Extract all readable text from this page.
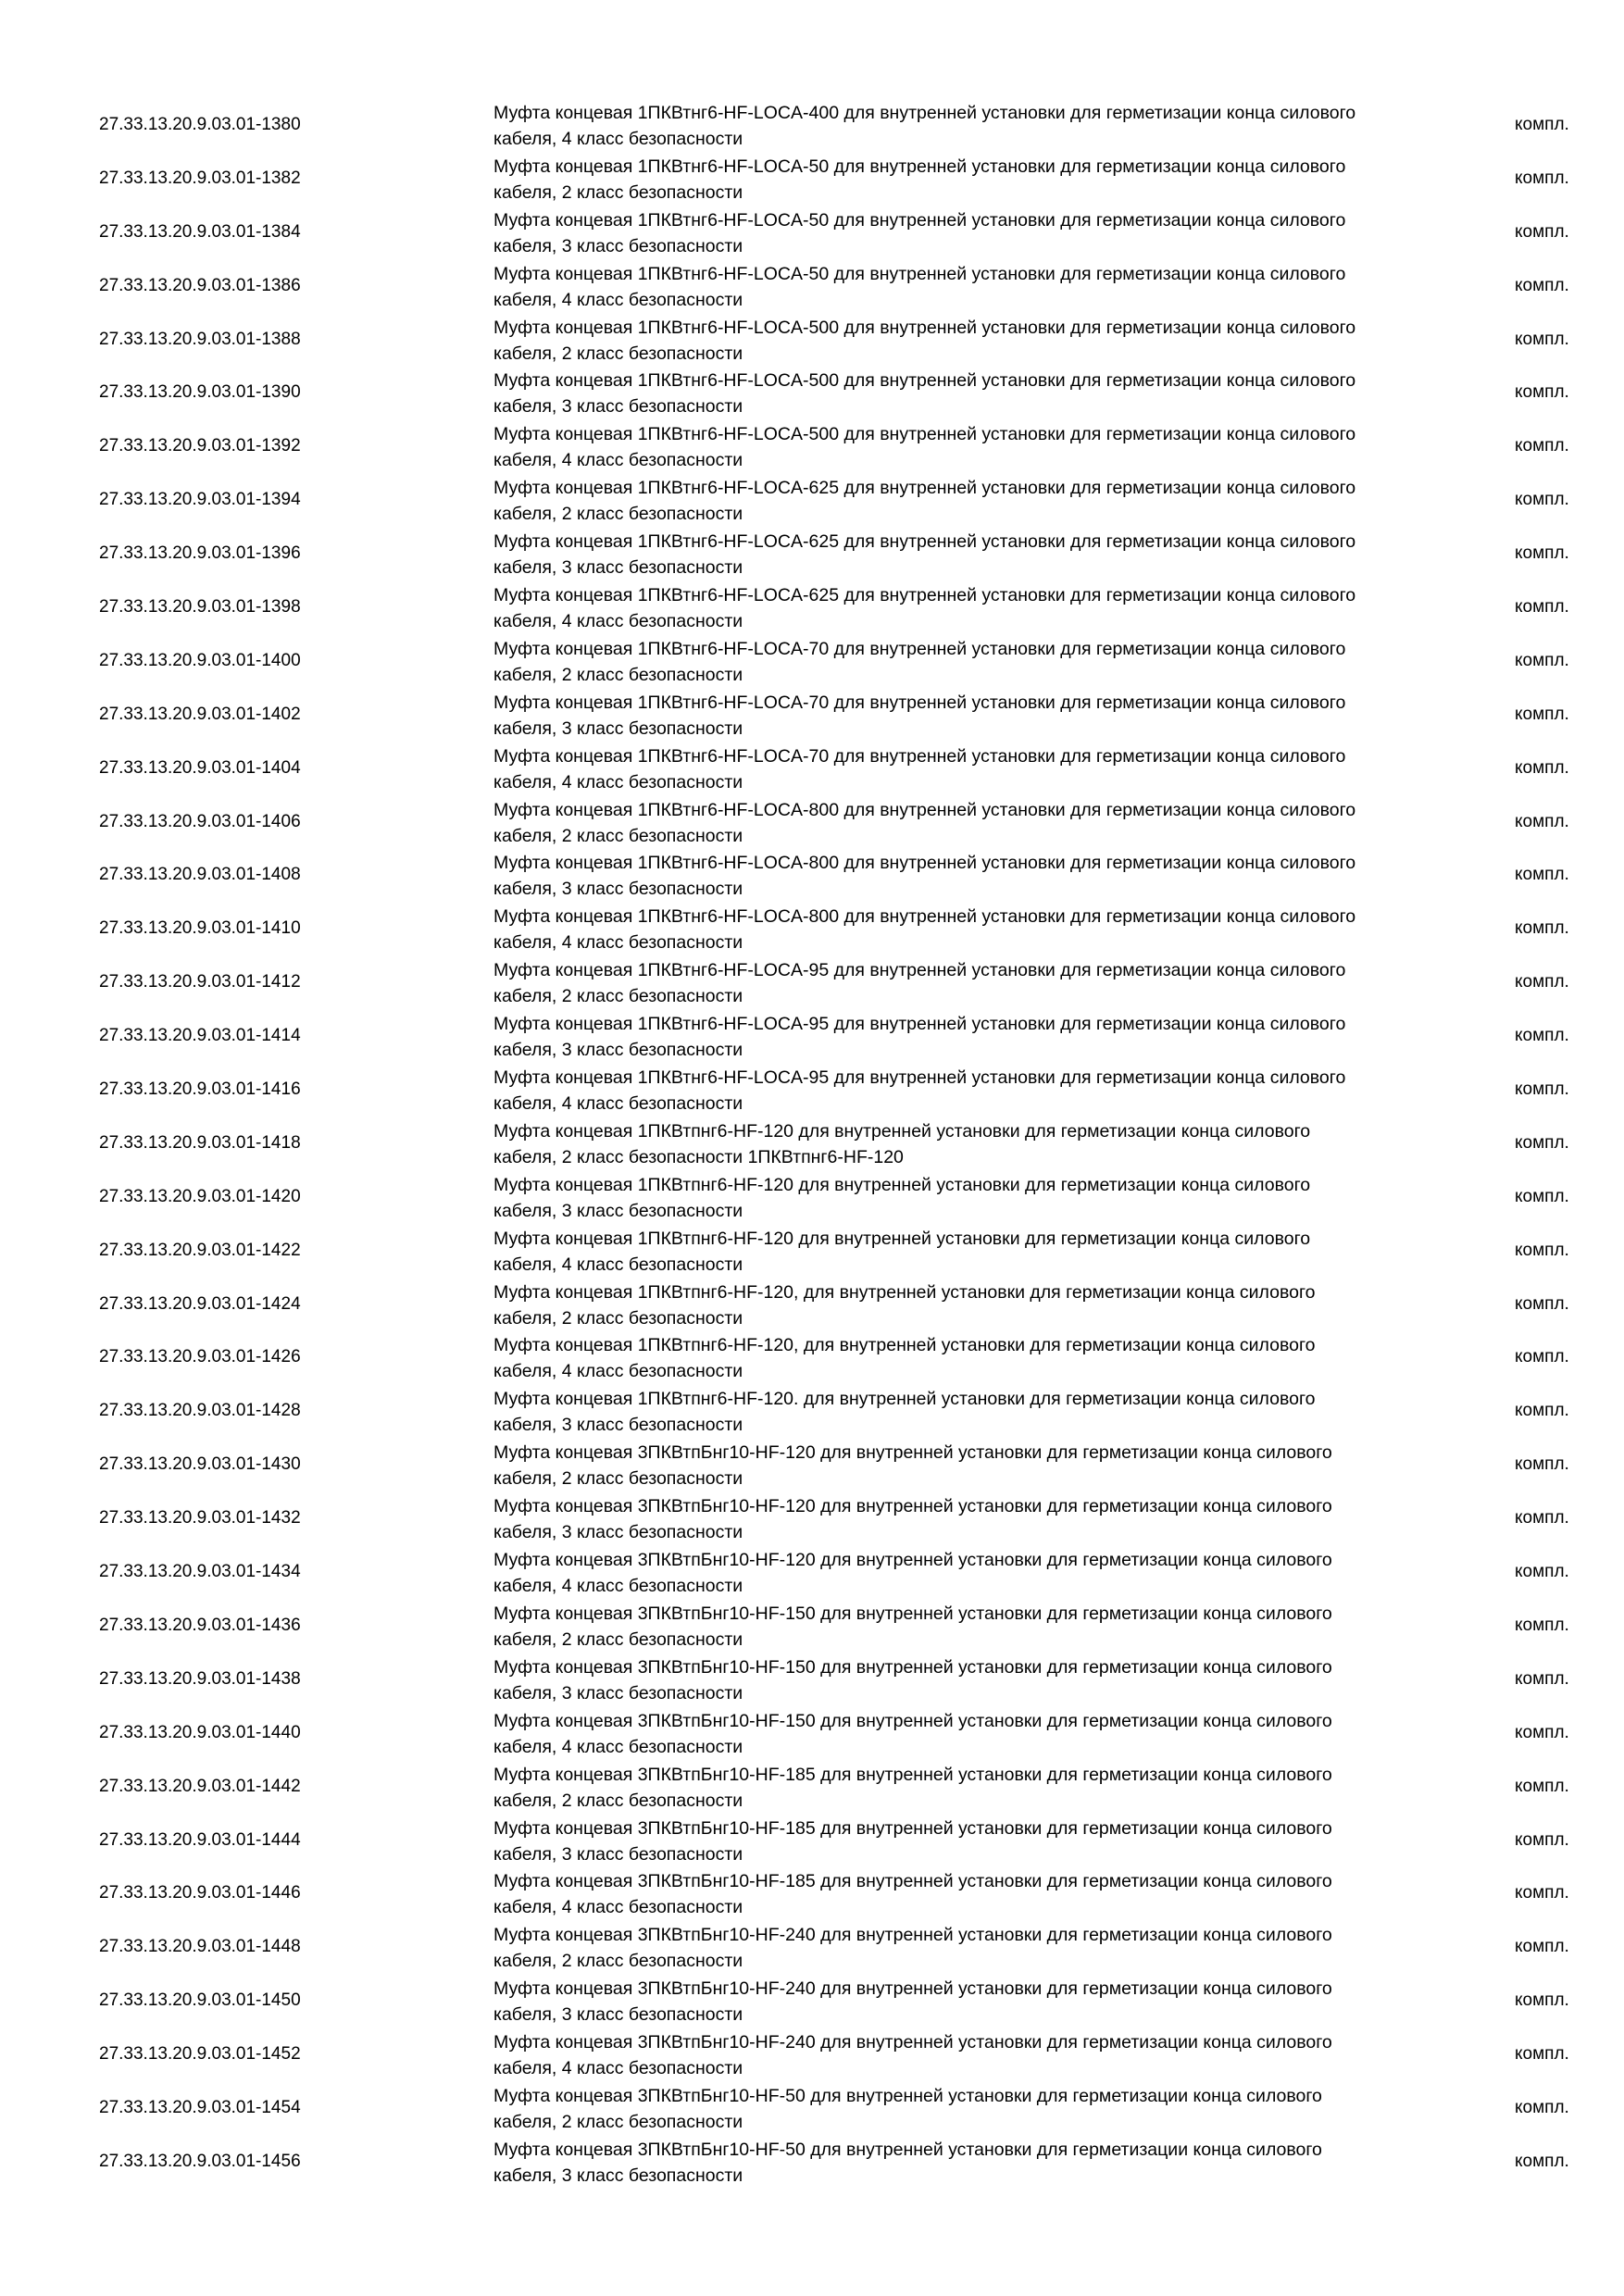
27.33.13.20.9.03.01-1380
Муфта концевая 1ПКВтнг6-HF-LOCA-400 для внутренней установки для герметизации конца силового
кабеля, 4 класс безопасности
компл.
27.33.13.20.9.03.01-1382
Муфта концевая 1ПКВтнг6-HF-LOCA-50 для внутренней установки для герметизации конца силового
кабеля, 2 класс безопасности
компл.
27.33.13.20.9.03.01-1384
Муфта концевая 1ПКВтнг6-HF-LOCA-50 для внутренней установки для герметизации конца силового
кабеля, 3 класс безопасности
компл.
27.33.13.20.9.03.01-1386
Муфта концевая 1ПКВтнг6-HF-LOCA-50 для внутренней установки для герметизации конца силового
кабеля, 4 класс безопасности
компл.
27.33.13.20.9.03.01-1388
Муфта концевая 1ПКВтнг6-HF-LOCA-500 для внутренней установки для герметизации конца силового
кабеля, 2 класс безопасности
компл.
27.33.13.20.9.03.01-1390
Муфта концевая 1ПКВтнг6-HF-LOCA-500 для внутренней установки для герметизации конца силового
кабеля, 3 класс безопасности
компл.
27.33.13.20.9.03.01-1392
Муфта концевая 1ПКВтнг6-HF-LOCA-500 для внутренней установки для герметизации конца силового
кабеля, 4 класс безопасности
компл.
27.33.13.20.9.03.01-1394
Муфта концевая 1ПКВтнг6-HF-LOCA-625 для внутренней установки для герметизации конца силового
кабеля, 2 класс безопасности
компл.
27.33.13.20.9.03.01-1396
Муфта концевая 1ПКВтнг6-HF-LOCA-625 для внутренней установки для герметизации конца силового
кабеля, 3 класс безопасности
компл.
27.33.13.20.9.03.01-1398
Муфта концевая 1ПКВтнг6-HF-LOCA-625 для внутренней установки для герметизации конца силового
кабеля, 4 класс безопасности
компл.
27.33.13.20.9.03.01-1400
Муфта концевая 1ПКВтнг6-HF-LOCA-70 для внутренней установки для герметизации конца силового
кабеля, 2 класс безопасности
компл.
27.33.13.20.9.03.01-1402
Муфта концевая 1ПКВтнг6-HF-LOCA-70 для внутренней установки для герметизации конца силового
кабеля, 3 класс безопасности
компл.
27.33.13.20.9.03.01-1404
Муфта концевая 1ПКВтнг6-HF-LOCA-70 для внутренней установки для герметизации конца силового
кабеля, 4 класс безопасности
компл.
27.33.13.20.9.03.01-1406
Муфта концевая 1ПКВтнг6-HF-LOCA-800 для внутренней установки для герметизации конца силового
кабеля, 2 класс безопасности
компл.
27.33.13.20.9.03.01-1408
Муфта концевая 1ПКВтнг6-HF-LOCA-800 для внутренней установки для герметизации конца силового
кабеля, 3 класс безопасности
компл.
27.33.13.20.9.03.01-1410
Муфта концевая 1ПКВтнг6-HF-LOCA-800 для внутренней установки для герметизации конца силового
кабеля, 4 класс безопасности
компл.
27.33.13.20.9.03.01-1412
Муфта концевая 1ПКВтнг6-HF-LOCA-95 для внутренней установки для герметизации конца силового
кабеля, 2 класс безопасности
компл.
27.33.13.20.9.03.01-1414
Муфта концевая 1ПКВтнг6-HF-LOCA-95 для внутренней установки для герметизации конца силового
кабеля, 3 класс безопасности
компл.
27.33.13.20.9.03.01-1416
Муфта концевая 1ПКВтнг6-HF-LOCA-95 для внутренней установки для герметизации конца силового
кабеля, 4 класс безопасности
компл.
27.33.13.20.9.03.01-1418
Муфта концевая 1ПКВтпнг6-HF-120 для внутренней установки для герметизации конца силового
кабеля, 2 класс безопасности 1ПКВтпнг6-HF-120
компл.
27.33.13.20.9.03.01-1420
Муфта концевая 1ПКВтпнг6-HF-120 для внутренней установки для герметизации конца силового
кабеля, 3 класс безопасности
компл.
27.33.13.20.9.03.01-1422
Муфта концевая 1ПКВтпнг6-HF-120 для внутренней установки для герметизации конца силового
кабеля, 4 класс безопасности
компл.
27.33.13.20.9.03.01-1424
Муфта концевая 1ПКВтпнг6-HF-120, для внутренней установки для герметизации конца силового
кабеля, 2 класс безопасности
компл.
27.33.13.20.9.03.01-1426
Муфта концевая 1ПКВтпнг6-HF-120, для внутренней установки для герметизации конца силового
кабеля, 4 класс безопасности
компл.
27.33.13.20.9.03.01-1428
Муфта концевая 1ПКВтпнг6-HF-120. для внутренней установки для герметизации конца силового
кабеля, 3 класс безопасности
компл.
27.33.13.20.9.03.01-1430
Муфта концевая 3ПКВтпБнг10-HF-120 для внутренней установки для герметизации конца силового
кабеля, 2 класс безопасности
компл.
27.33.13.20.9.03.01-1432
Муфта концевая 3ПКВтпБнг10-HF-120 для внутренней установки для герметизации конца силового
кабеля, 3 класс безопасности
компл.
27.33.13.20.9.03.01-1434
Муфта концевая 3ПКВтпБнг10-HF-120 для внутренней установки для герметизации конца силового
кабеля, 4 класс безопасности
компл.
27.33.13.20.9.03.01-1436
Муфта концевая 3ПКВтпБнг10-HF-150 для внутренней установки для герметизации конца силового
кабеля, 2 класс безопасности
компл.
27.33.13.20.9.03.01-1438
Муфта концевая 3ПКВтпБнг10-HF-150 для внутренней установки для герметизации конца силового
кабеля, 3 класс безопасности
компл.
27.33.13.20.9.03.01-1440
Муфта концевая 3ПКВтпБнг10-HF-150 для внутренней установки для герметизации конца силового
кабеля, 4 класс безопасности
компл.
27.33.13.20.9.03.01-1442
Муфта концевая 3ПКВтпБнг10-HF-185 для внутренней установки для герметизации конца силового
кабеля, 2 класс безопасности
компл.
27.33.13.20.9.03.01-1444
Муфта концевая 3ПКВтпБнг10-HF-185 для внутренней установки для герметизации конца силового
кабеля, 3 класс безопасности
компл.
27.33.13.20.9.03.01-1446
Муфта концевая 3ПКВтпБнг10-HF-185 для внутренней установки для герметизации конца силового
кабеля, 4 класс безопасности
компл.
27.33.13.20.9.03.01-1448
Муфта концевая 3ПКВтпБнг10-HF-240 для внутренней установки для герметизации конца силового
кабеля, 2 класс безопасности
компл.
27.33.13.20.9.03.01-1450
Муфта концевая 3ПКВтпБнг10-HF-240 для внутренней установки для герметизации конца силового
кабеля, 3 класс безопасности
компл.
27.33.13.20.9.03.01-1452
Муфта концевая 3ПКВтпБнг10-HF-240 для внутренней установки для герметизации конца силового
кабеля, 4 класс безопасности
компл.
27.33.13.20.9.03.01-1454
Муфта концевая 3ПКВтпБнг10-HF-50 для внутренней установки для герметизации конца силового
кабеля, 2 класс безопасности
компл.
27.33.13.20.9.03.01-1456
Муфта концевая 3ПКВтпБнг10-HF-50 для внутренней установки для герметизации конца силового
кабеля, 3 класс безопасности
компл.
